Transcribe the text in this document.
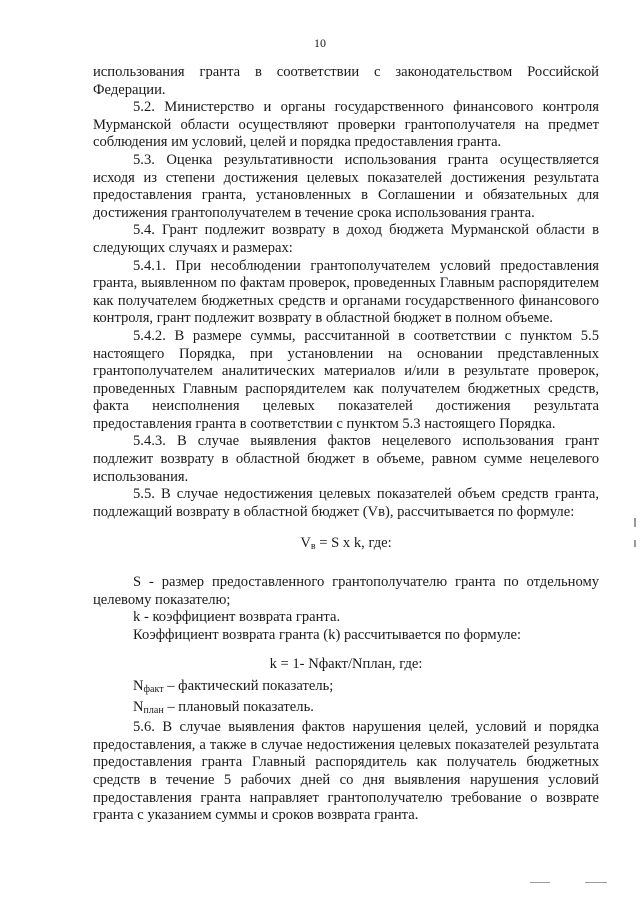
10

использования гранта в соответствии с законодательством Российской Федерации.

5.2. Министерство и органы государственного финансового контроля Мурманской области осуществляют проверки грантополучателя на предмет соблюдения им условий, целей и порядка предоставления гранта.

5.3. Оценка результативности использования гранта осуществляется исходя из степени достижения целевых показателей достижения результата предоставления гранта, установленных в Соглашении и обязательных для достижения грантополучателем в течение срока использования гранта.

5.4. Грант подлежит возврату в доход бюджета Мурманской области в следующих случаях и размерах:

5.4.1. При несоблюдении грантополучателем условий предоставления гранта, выявленном по фактам проверок, проведенных Главным распорядителем как получателем бюджетных средств и органами государственного финансового контроля, грант подлежит возврату в областной бюджет в полном объеме.

5.4.2. В размере суммы, рассчитанной в соответствии с пунктом 5.5 настоящего Порядка, при установлении на основании представленных грантополучателем аналитических материалов и/или в результате проверок, проведенных Главным распорядителем как получателем бюджетных средств, факта неисполнения целевых показателей достижения результата предоставления гранта в соответствии с пунктом 5.3 настоящего Порядка.

5.4.3. В случае выявления фактов нецелевого использования грант подлежит возврату в областной бюджет в объеме, равном сумме нецелевого использования.

5.5. В случае недостижения целевых показателей объем средств гранта, подлежащий возврату в областной бюджет (Vв), рассчитывается по формуле:

$V_в = S$ x k, где:

S - размер предоставленного грантополучателю гранта по отдельному целевому показателю;

k - коэффициент возврата гранта.

Коэффициент возврата гранта (k) рассчитывается по формуле:

k = 1- Nфакт/Nплан, где:

$N_{факт}$ – фактический показатель;

$N_{план}$ – плановый показатель.

5.6. В случае выявления фактов нарушения целей, условий и порядка предоставления, а также в случае недостижения целевых показателей результата предоставления гранта Главный распорядитель как получатель бюджетных средств в течение 5 рабочих дней со дня выявления нарушения условий предоставления гранта направляет грантополучателю требование о возврате гранта с указанием суммы и сроков возврата гранта.
